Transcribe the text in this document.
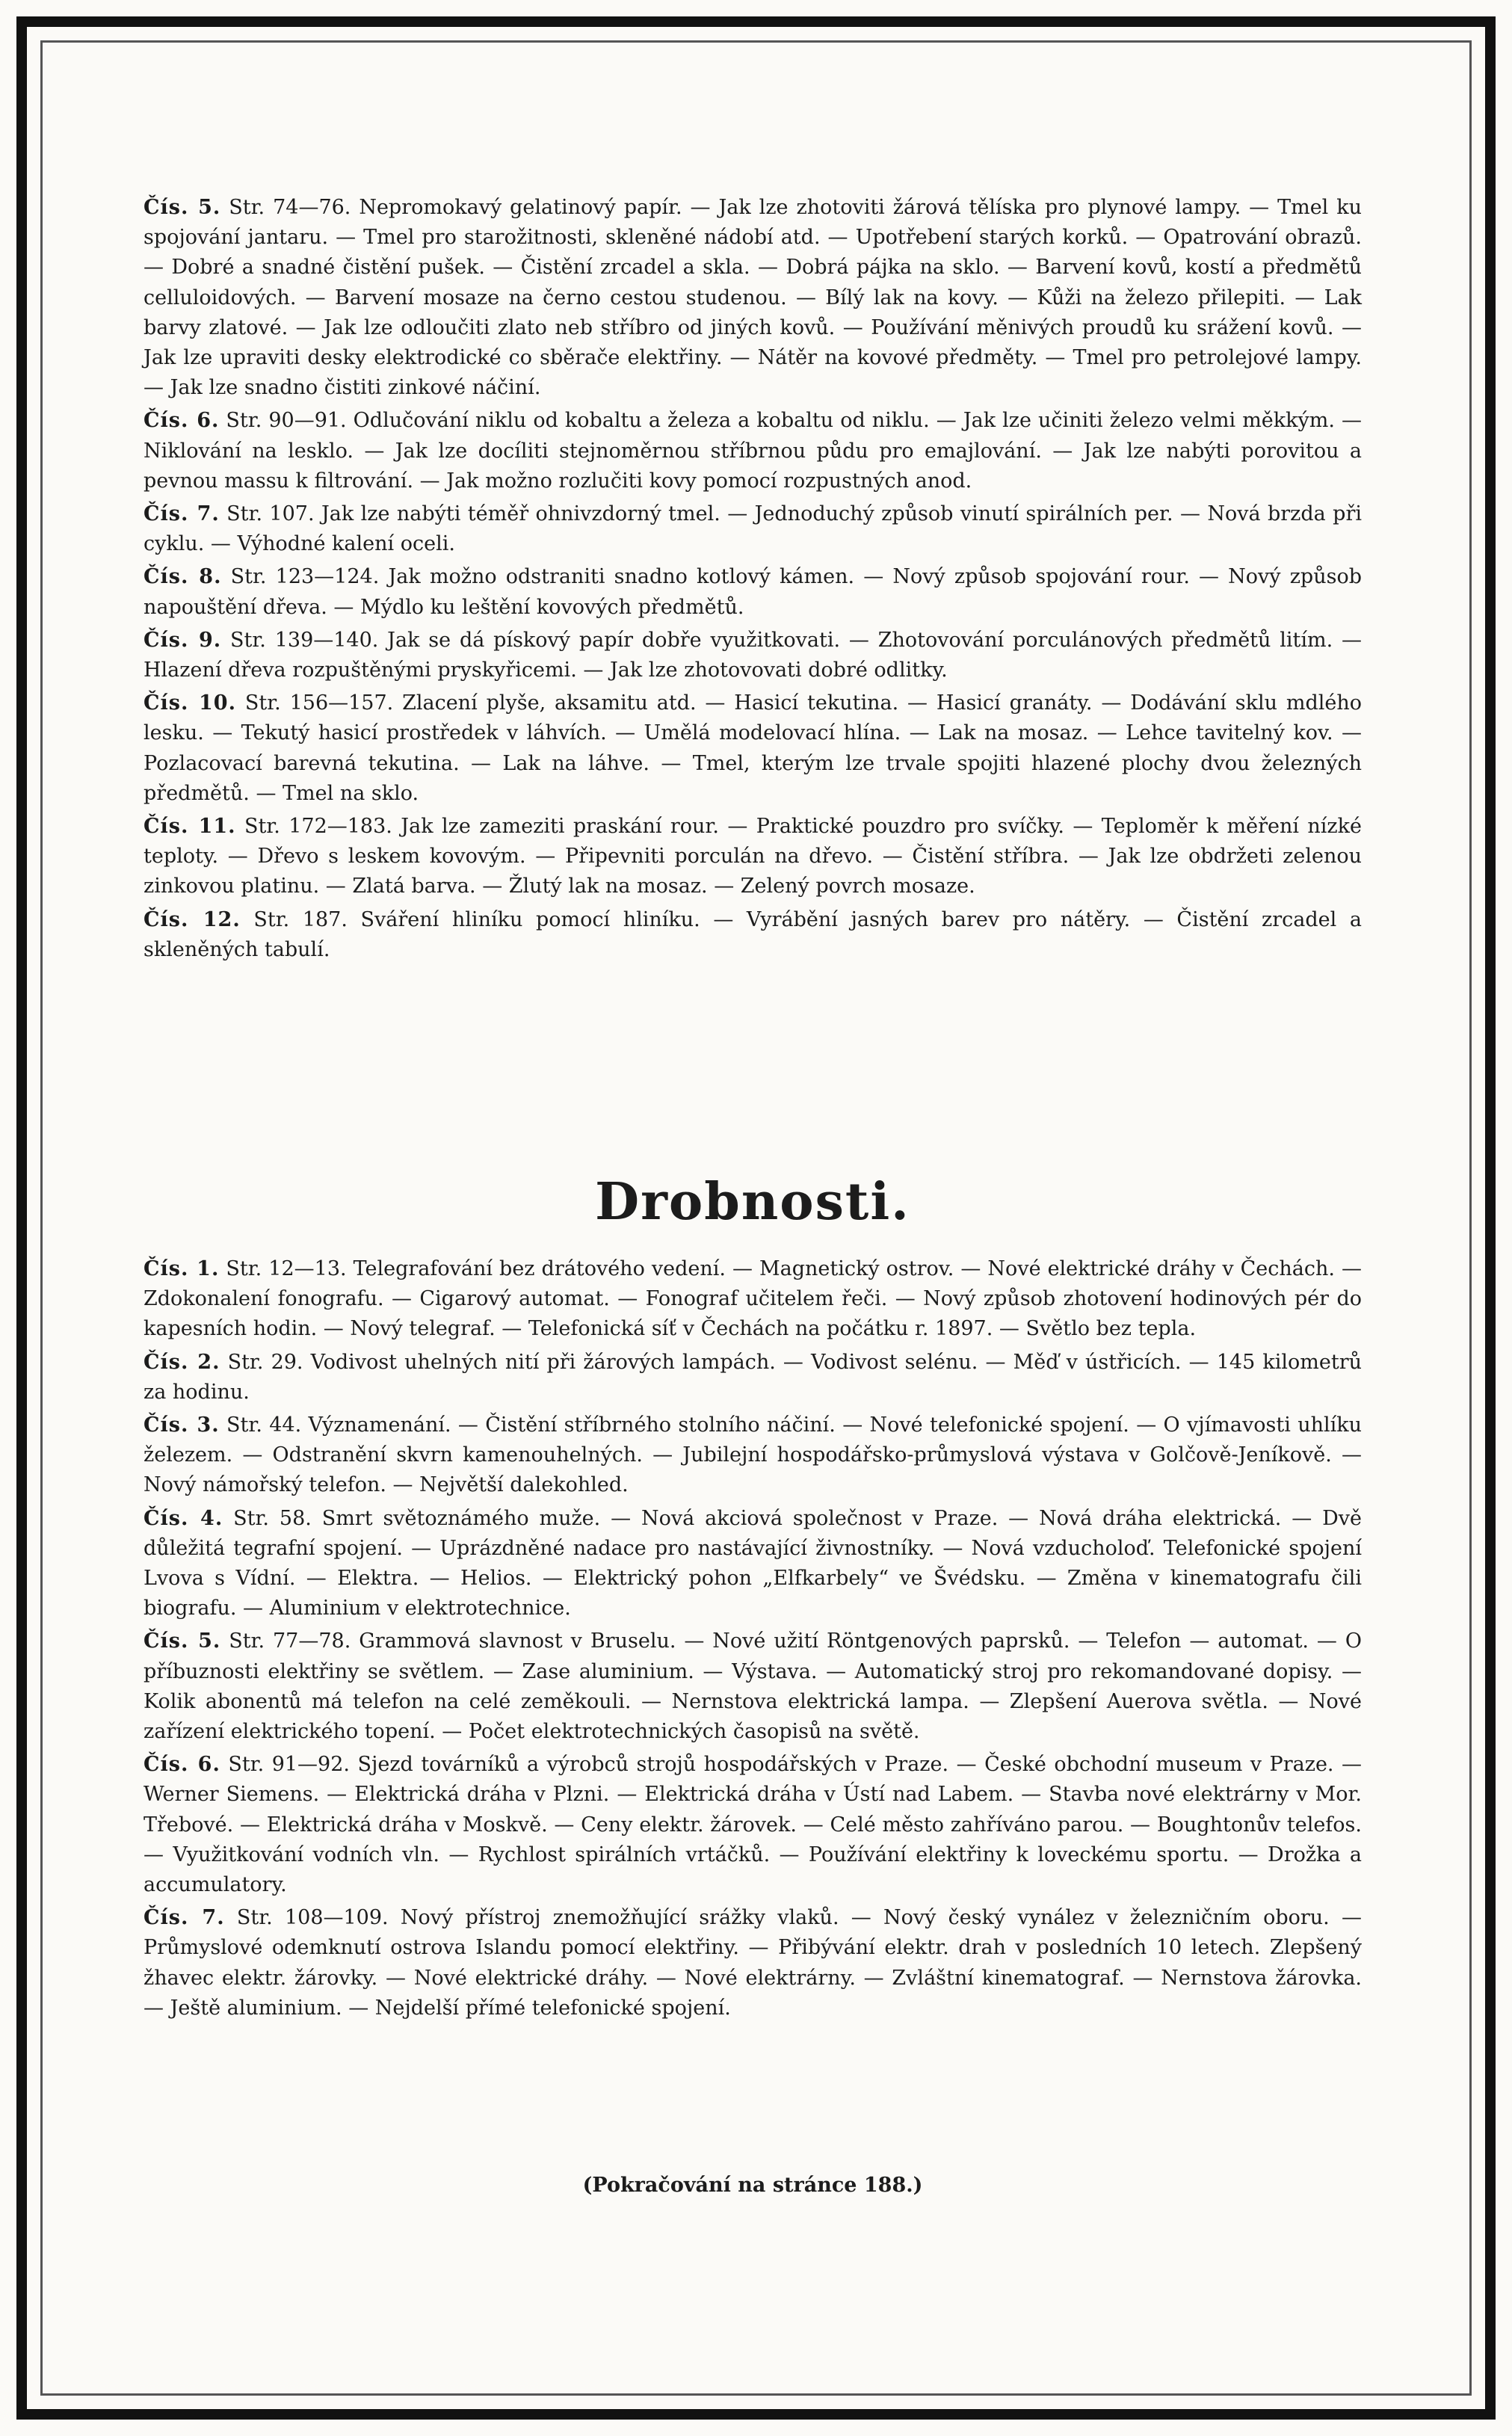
Čís. 5. Str. 74—76. Nepromokavý gelatinový papír. — Jak lze zhotoviti žárová tělíska pro plynové lampy. — Tmel ku spojování jantaru. — Tmel pro starožitnosti, skleněné nádobí atd. — Upotřebení starých korků. — Opatrování obrazů. — Dobré a snadné čistění pušek. — Čistění zrcadel a skla. — Dobrá pájka na sklo. — Barvení kovů, kostí a předmětů celluloidových. — Barvení mosaze na černo cestou studenou. — Bílý lak na kovy. — Kůži na železo přilepiti. — Lak barvy zlatové. — Jak lze odloučiti zlato neb stříbro od jiných kovů. — Používání měnivých proudů ku srážení kovů. — Jak lze upraviti desky elektrodické co sběrače elektřiny. — Nátěr na kovové předměty. — Tmel pro petrolejové lampy. — Jak lze snadno čistiti zinkové náčiní.

Čís. 6. Str. 90—91. Odlučování niklu od kobaltu a železa a kobaltu od niklu. — Jak lze učiniti železo velmi měkkým. — Niklování na lesklo. — Jak lze docíliti stejnoměrnou stříbrnou půdu pro emajlování. — Jak lze nabýti porovitou a pevnou massu k filtrování. — Jak možno rozlučiti kovy pomocí rozpustných anod.

Čís. 7. Str. 107. Jak lze nabýti téměř ohnivzdorný tmel. — Jednoduchý způsob vinutí spirálních per. — Nová brzda při cyklu. — Výhodné kalení oceli.

Čís. 8. Str. 123—124. Jak možno odstraniti snadno kotlový kámen. — Nový způsob spojování rour. — Nový způsob napouštění dřeva. — Mýdlo ku leštění kovových předmětů.

Čís. 9. Str. 139—140. Jak se dá pískový papír dobře využitkovati. — Zhotovování porculánových předmětů litím. — Hlazení dřeva rozpuštěnými pryskyřicemi. — Jak lze zhotovovati dobré odlitky.

Čís. 10. Str. 156—157. Zlacení plyše, aksamitu atd. — Hasicí tekutina. — Hasicí granáty. — Dodávání sklu mdlého lesku. — Tekutý hasicí prostředek v láhvích. — Umělá modelovací hlína. — Lak na mosaz. — Lehce tavitelný kov. — Pozlacovací barevná tekutina. — Lak na láhve. — Tmel, kterým lze trvale spojiti hlazené plochy dvou železných předmětů. — Tmel na sklo.

Čís. 11. Str. 172—183. Jak lze zameziti praskání rour. — Praktické pouzdro pro svíčky. — Teploměr k měření nízké teploty. — Dřevo s leskem kovovým. — Připevniti porculán na dřevo. — Čistění stříbra. — Jak lze obdržeti zelenou zinkovou platinu. — Zlatá barva. — Žlutý lak na mosaz. — Zelený povrch mosaze.

Čís. 12. Str. 187. Sváření hliníku pomocí hliníku. — Vyrábění jasných barev pro nátěry. — Čistění zrcadel a skleněných tabulí.

Drobnosti.

Čís. 1. Str. 12—13. Telegrafování bez drátového vedení. — Magnetický ostrov. — Nové elektrické dráhy v Čechách. — Zdokonalení fonografu. — Cigarový automat. — Fonograf učitelem řeči. — Nový způsob zhotovení hodinových pér do kapesních hodin. — Nový telegraf. — Telefonická síť v Čechách na počátku r. 1897. — Světlo bez tepla.

Čís. 2. Str. 29. Vodivost uhelných nití při žárových lampách. — Vodivost selénu. — Měď v ústřicích. — 145 kilometrů za hodinu.

Čís. 3. Str. 44. Významenání. — Čistění stříbrného stolního náčiní. — Nové telefonické spojení. — O vjímavosti uhlíku železem. — Odstranění skvrn kamenouhelných. — Jubilejní hospodářsko-průmyslová výstava v Golčově-Jeníkově. — Nový námořský telefon. — Největší dalekohled.

Čís. 4. Str. 58. Smrt světoznámého muže. — Nová akciová společnost v Praze. — Nová dráha elektrická. — Dvě důležitá tegrafní spojení. — Uprázdněné nadace pro nastávající živnostníky. — Nová vzducholoď. Telefonické spojení Lvova s Vídní. — Elektra. — Helios. — Elektrický pohon „Elfkarbely“ ve Švédsku. — Změna v kinematografu čili biografu. — Aluminium v elektrotechnice.

Čís. 5. Str. 77—78. Grammová slavnost v Bruselu. — Nové užití Röntgenových paprsků. — Telefon — automat. — O příbuznosti elektřiny se světlem. — Zase aluminium. — Výstava. — Automatický stroj pro rekomandované dopisy. — Kolik abonentů má telefon na celé zeměkouli. — Nernstova elektrická lampa. — Zlepšení Auerova světla. — Nové zařízení elektrického topení. — Počet elektrotechnických časopisů na světě.

Čís. 6. Str. 91—92. Sjezd továrníků a výrobců strojů hospodářských v Praze. — České obchodní museum v Praze. — Werner Siemens. — Elektrická dráha v Plzni. — Elektrická dráha v Ústí nad Labem. — Stavba nové elektrárny v Mor. Třebové. — Elektrická dráha v Moskvě. — Ceny elektr. žárovek. — Celé město zahříváno parou. — Boughtonův telefos. — Využitkování vodních vln. — Rychlost spirálních vrtáčků. — Používání elektřiny k loveckému sportu. — Drožka a accumulatory.

Čís. 7. Str. 108—109. Nový přístroj znemožňující srážky vlaků. — Nový český vynález v železničním oboru. — Průmyslové odemknutí ostrova Islandu pomocí elektřiny. — Přibývání elektr. drah v posledních 10 letech. Zlepšený žhavec elektr. žárovky. — Nové elektrické dráhy. — Nové elektrárny. — Zvláštní kinematograf. — Nernstova žárovka. — Ještě aluminium. — Nejdelší přímé telefonické spojení.

(Pokračování na stránce 188.)
